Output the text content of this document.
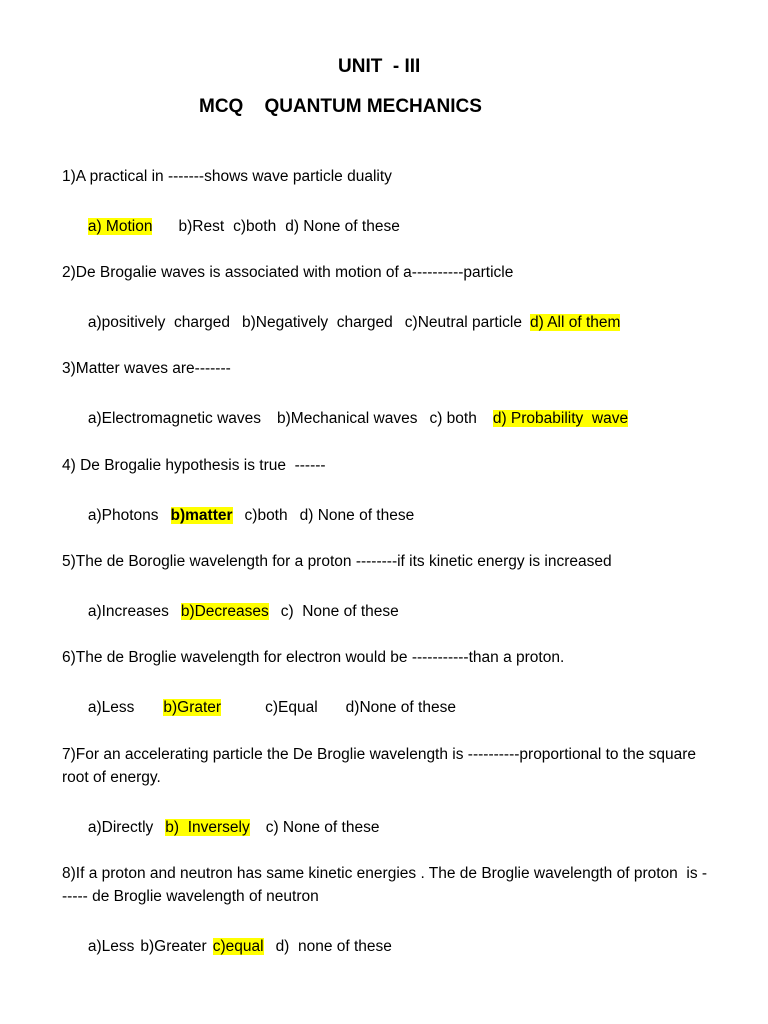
UNIT  - III
MCQ    QUANTUM MECHANICS
1)A practical in -------shows wave particle duality

a) Motion b)Rest c)both d) None of these

2)De Brogalie waves is associated with motion of a----------particle

a)positively  charged b)Negatively  charged c)Neutral particle d) All of them

3)Matter waves are-------

a)Electromagnetic waves b)Mechanical waves c) both d) Probability  wave

4) De Brogalie hypothesis is true  ------

a)Photons b)matter c)both d) None of these

5)The de Boroglie wavelength for a proton --------if its kinetic energy is increased

a)Increases b)Decreases c)  None of these

6)The de Broglie wavelength for electron would be -----------than a proton.

a)Less b)Grater	c)Equal d)None of these

7)For an accelerating particle the De Broglie wavelength is ----------proportional to the square root of energy.

a)Directly b)  Inversely c) None of these

8)If a proton and neutron has same kinetic energies . The de Broglie wavelength of proton  is ------ de Broglie wavelength of neutron

a)Less b)Greater c)equal d)  none of these
